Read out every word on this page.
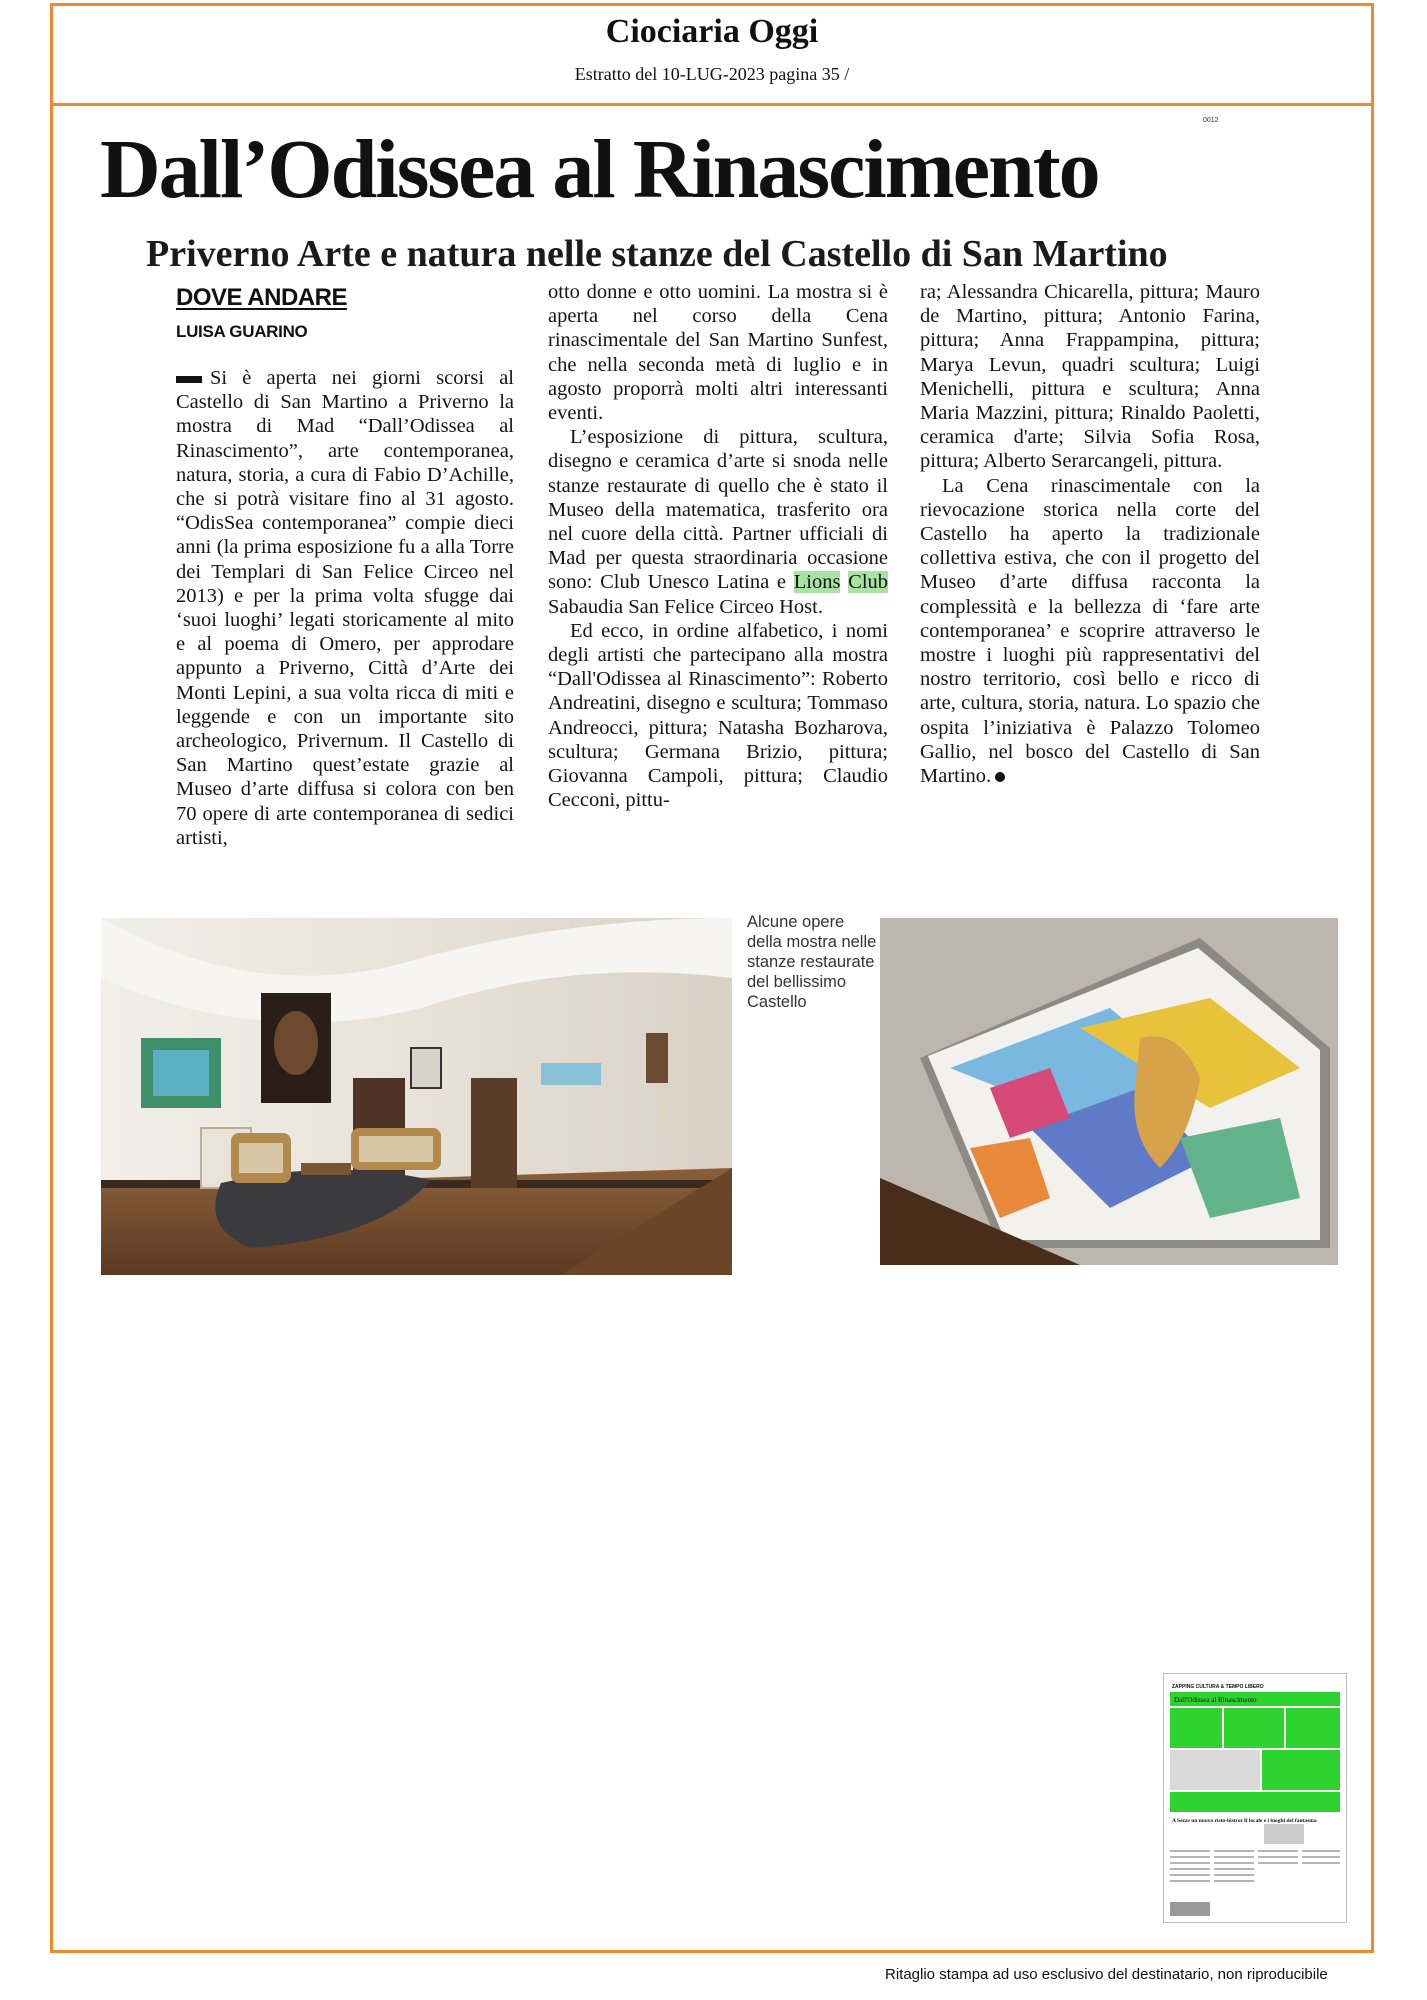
Ciociaria Oggi
Estratto del 10-LUG-2023 pagina 35 /
0012
Dall’Odissea al Rinascimento
Priverno Arte e natura nelle stanze del Castello di San Martino
DOVE ANDARE
LUISA GUARINO

Si è aperta nei giorni scorsi al Castello di San Martino a Priverno la mostra di Mad “Dall’Odissea al Rinascimento”, arte contemporanea, natura, storia, a cura di Fabio D’Achille, che si potrà visitare fino al 31 agosto. “OdisSea contemporanea” compie dieci anni (la prima esposizione fu a alla Torre dei Templari di San Felice Circeo nel 2013) e per la prima volta sfugge dai ‘suoi luoghi’ legati storicamente al mito e al poema di Omero, per approdare appunto a Priverno, Città d’Arte dei Monti Lepini, a sua volta ricca di miti e leggende e con un importante sito archeologico, Privernum. Il Castello di San Martino quest’estate grazie al Museo d’arte diffusa si colora con ben 70 opere di arte contemporanea di sedici artisti,

otto donne e otto uomini. La mostra si è aperta nel corso della Cena rinascimentale del San Martino Sunfest, che nella seconda metà di luglio e in agosto proporrà molti altri interessanti eventi.

L’esposizione di pittura, scultura, disegno e ceramica d’arte si snoda nelle stanze restaurate di quello che è stato il Museo della matematica, trasferito ora nel cuore della città. Partner ufficiali di Mad per questa straordinaria occasione sono: Club Unesco Latina e Lions Club Sabaudia San Felice Circeo Host.

Ed ecco, in ordine alfabetico, i nomi degli artisti che partecipano alla mostra “Dall'Odissea al Rinascimento”: Roberto Andreatini, disegno e scultura; Tommaso Andreocci, pittura; Natasha Bozharova, scultura; Germana Brizio, pittura; Giovanna Campoli, pittura; Claudio Cecconi, pittu-

ra; Alessandra Chicarella, pittura; Mauro de Martino, pittura; Antonio Farina, pittura; Anna Frappampina, pittura; Marya Levun, quadri scultura; Luigi Menichelli, pittura e scultura; Anna Maria Mazzini, pittura; Rinaldo Paoletti, ceramica d'arte; Silvia Sofia Rosa, pittura; Alberto Serarcangeli, pittura.

La Cena rinascimentale con la rievocazione storica nella corte del Castello ha aperto la tradizionale collettiva estiva, che con il progetto del Museo d’arte diffusa racconta la complessità e la bellezza di ‘fare arte contemporanea’ e scoprire attraverso le mostre i luoghi più rappresentativi del nostro territorio, così bello e ricco di arte, cultura, storia, natura. Lo spazio che ospita l’iniziativa è Palazzo Tolomeo Gallio, nel bosco del Castello di San Martino.

Alcune opere della mostra nelle stanze restaurate del bellissimo Castello

ZAPPING CULTURA & TEMPO LIBERO
Dall'Odissea al Rinascimento
A Sezze un nuovo risto-bistrot Il locale e i luoghi del fantasma
Ritaglio stampa ad uso esclusivo del destinatario, non riproducibile
